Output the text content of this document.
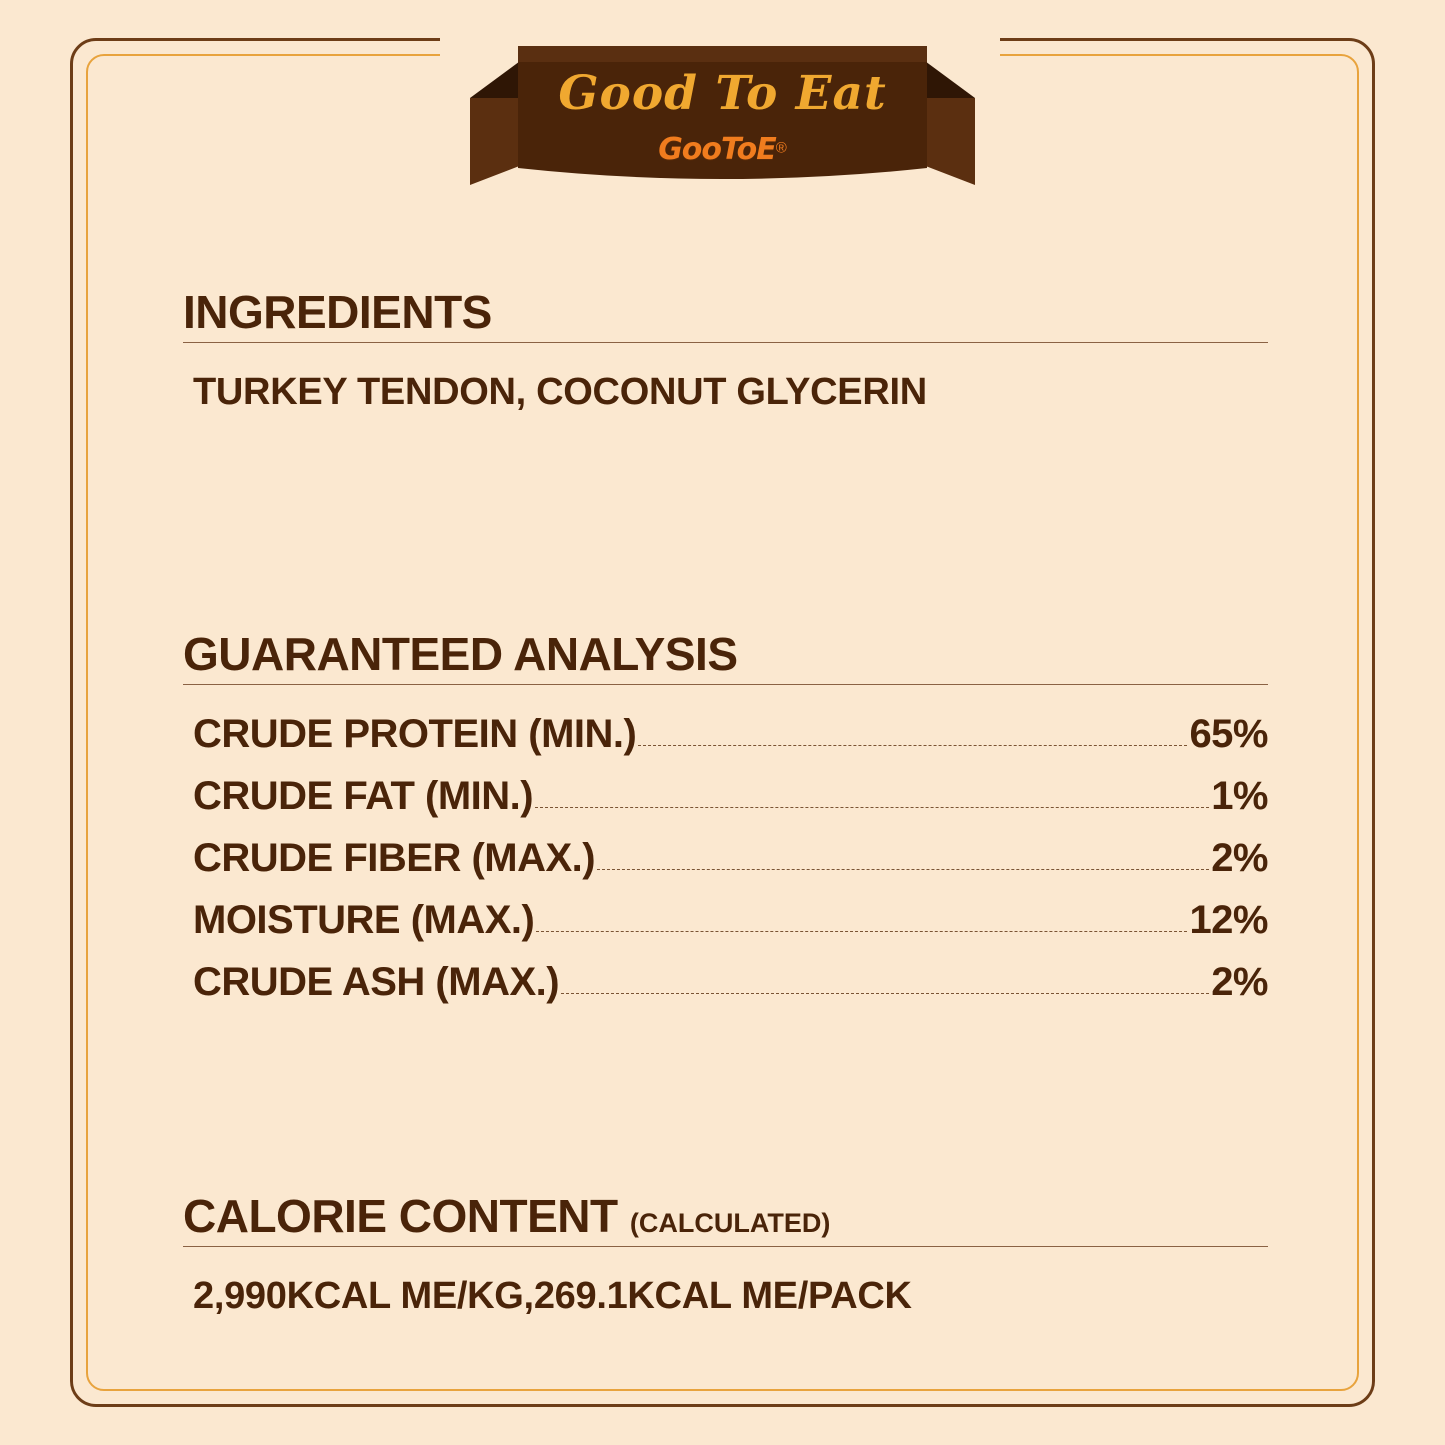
Good To Eat
GooToE®
INGREDIENTS
TURKEY TENDON, COCONUT GLYCERIN
GUARANTEED ANALYSIS
CRUDE PROTEIN (MIN.)	65%
CRUDE FAT (MIN.)	1%
CRUDE FIBER (MAX.)	2%
MOISTURE (MAX.)	12%
CRUDE ASH (MAX.)	2%
CALORIE CONTENT (CALCULATED)
2,990KCAL ME/KG,269.1KCAL ME/PACK
